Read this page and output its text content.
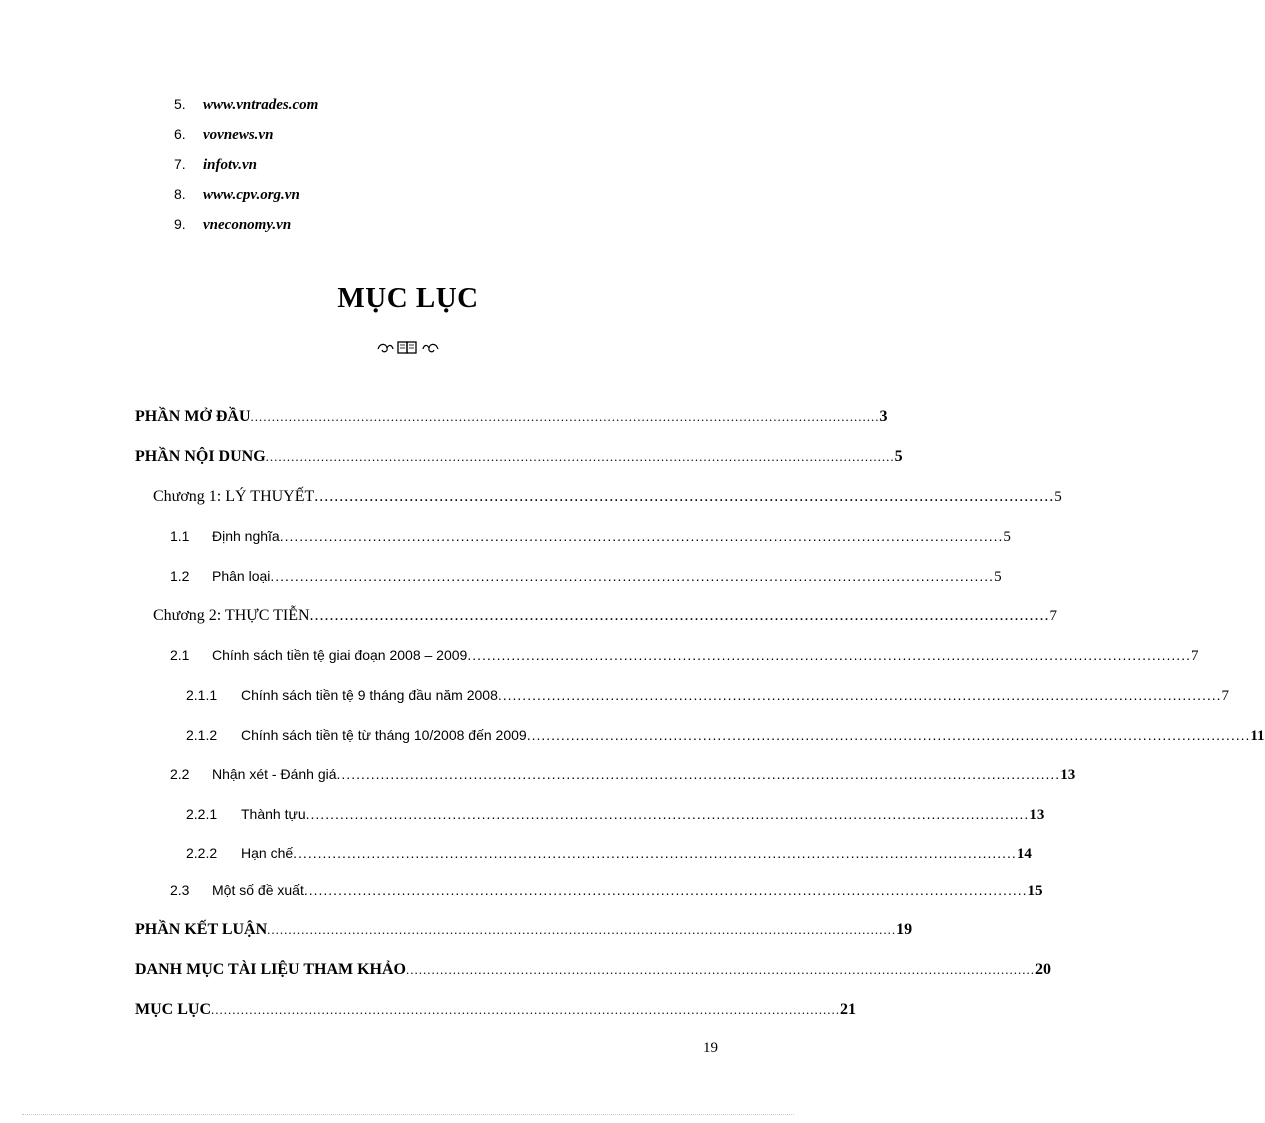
5. www.vntrades.com
6. vovnews.vn
7. infotv.vn
8. www.cpv.org.vn
9. vneconomy.vn
MỤC LỤC
PHẦN MỞ ĐẦU .................................................................................................................................................... 3
PHẦN NỘI DUNG .................................................................................................................................................... 5
Chương 1: LÝ THUYẾT .................................................................................................................................................... 5
1.1 Định nghĩa .................................................................................................................................................... 5
1.2 Phân loại .................................................................................................................................................... 5
Chương 2: THỰC TIỄN .................................................................................................................................................... 7
2.1 Chính sách tiền tệ giai đoạn 2008 – 2009 .................................................................................................................................................... 7
2.1.1 Chính sách tiền tệ 9 tháng đầu năm 2008 .................................................................................................................................................... 7
2.1.2 Chính sách tiền tệ từ tháng 10/2008 đến 2009 .................................................................................................................................................... 11
2.2 Nhận xét - Đánh giá .................................................................................................................................................... 13
2.2.1 Thành tựu .................................................................................................................................................... 13
2.2.2 Hạn chế .................................................................................................................................................... 14
2.3 Một số đề xuất .................................................................................................................................................... 15
PHẦN KẾT LUẬN .................................................................................................................................................... 19
DANH MỤC TÀI LIỆU THAM KHẢO .................................................................................................................................................... 20
MỤC LỤC .................................................................................................................................................... 21
19
